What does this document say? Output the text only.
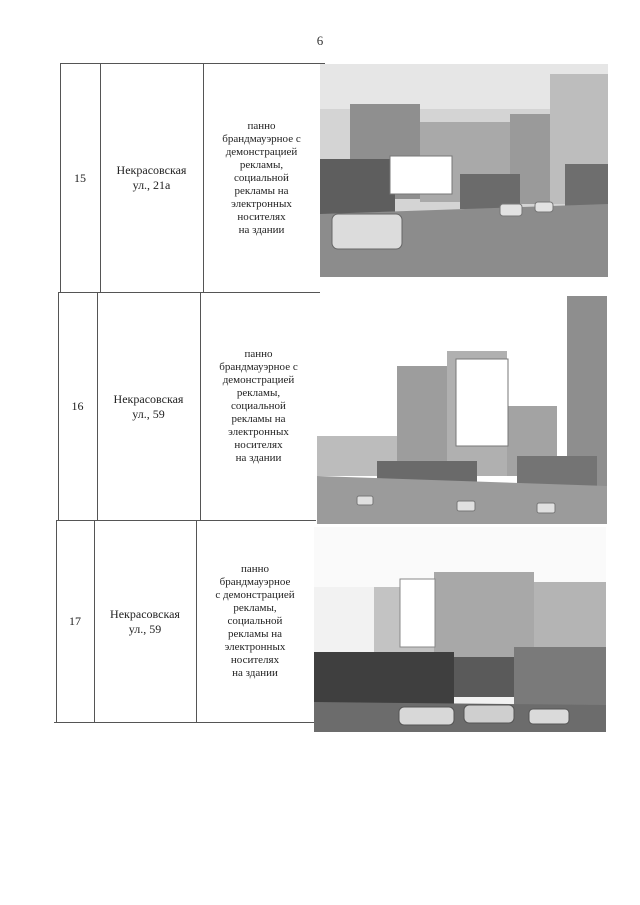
6
15
Некрасовская
ул., 21а
панно
брандмауэрное с
демонстрацией
рекламы,
социальной
рекламы на
электронных
носителях
на здании
16
Некрасовская
ул., 59
панно
брандмауэрное с
демонстрацией
рекламы,
социальной
рекламы на
электронных
носителях
на здании
17
Некрасовская
ул., 59
панно
брандмауэрное
с демонстрацией
рекламы,
социальной
рекламы на
электронных
носителях
на здании
